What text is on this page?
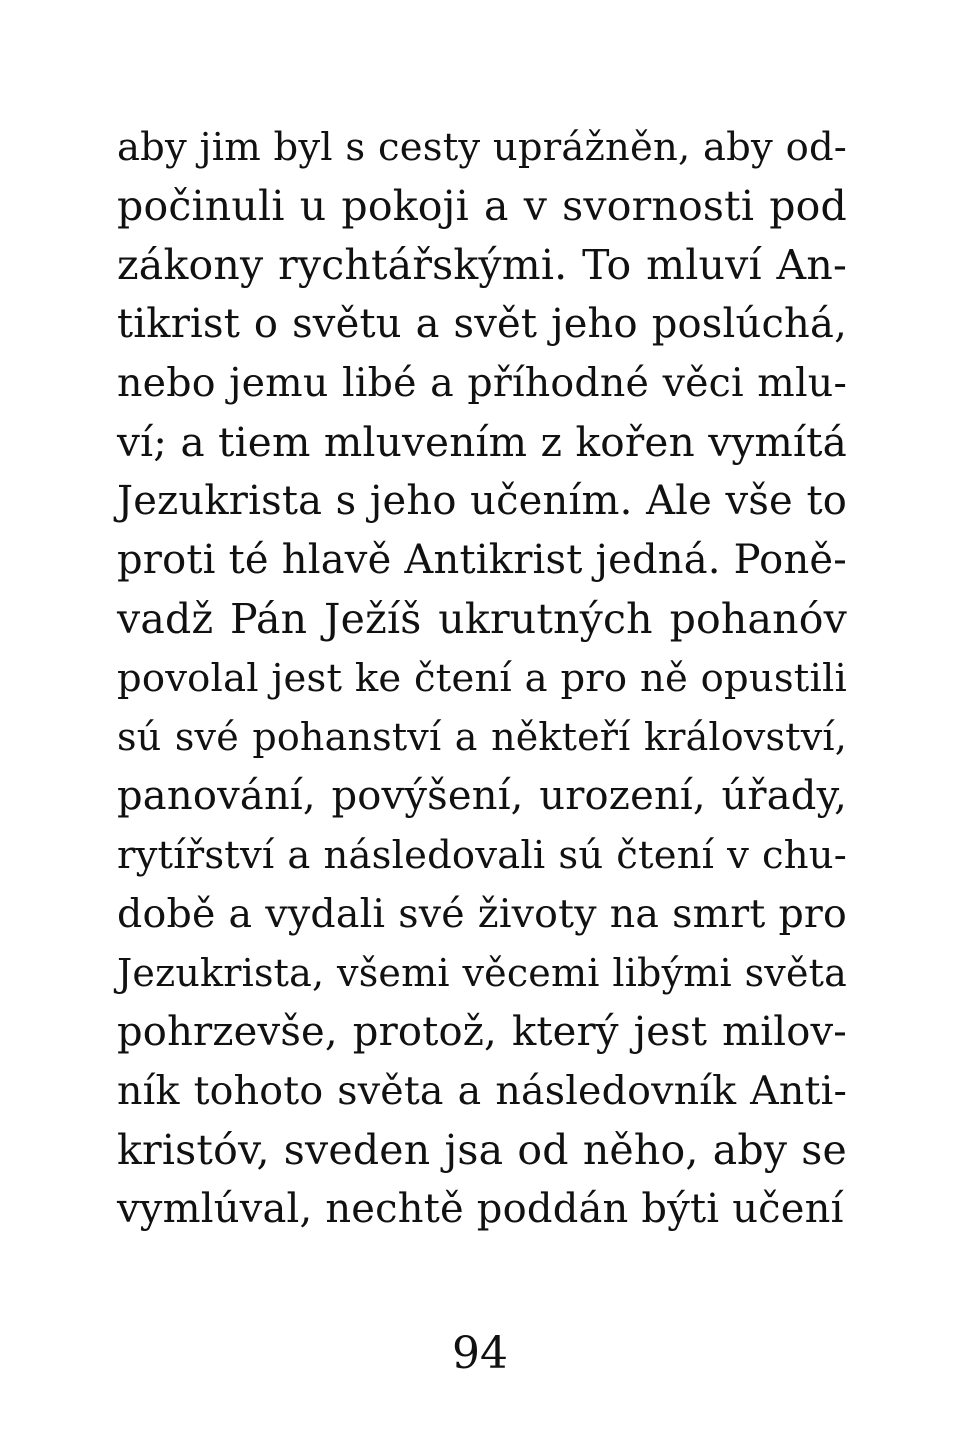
aby jim byl s cesty uprážněn, aby od-
počinuli u pokoji a v svornosti pod
zákony rychtářskými. To mluví An-
tikrist o světu a svět jeho poslúchá,
nebo jemu libé a příhodné věci mlu-
ví; a tiem mluvením z kořen vymítá
Jezukrista s jeho učením. Ale vše to
proti té hlavě Antikrist jedná. Poně-
vadž Pán Ježíš ukrutných pohanóv
povolal jest ke čtení a pro ně opustili
sú své pohanství a někteří království,
panování, povýšení, urození, úřady,
rytířství a následovali sú čtení v chu-
době a vydali své životy na smrt pro
Jezukrista, všemi věcemi libými světa
pohrzevše, protož, který jest milov-
ník tohoto světa a následovník Anti-
kristóv, sveden jsa od něho, aby se
vymlúval, nechtě poddán býti učení
94
